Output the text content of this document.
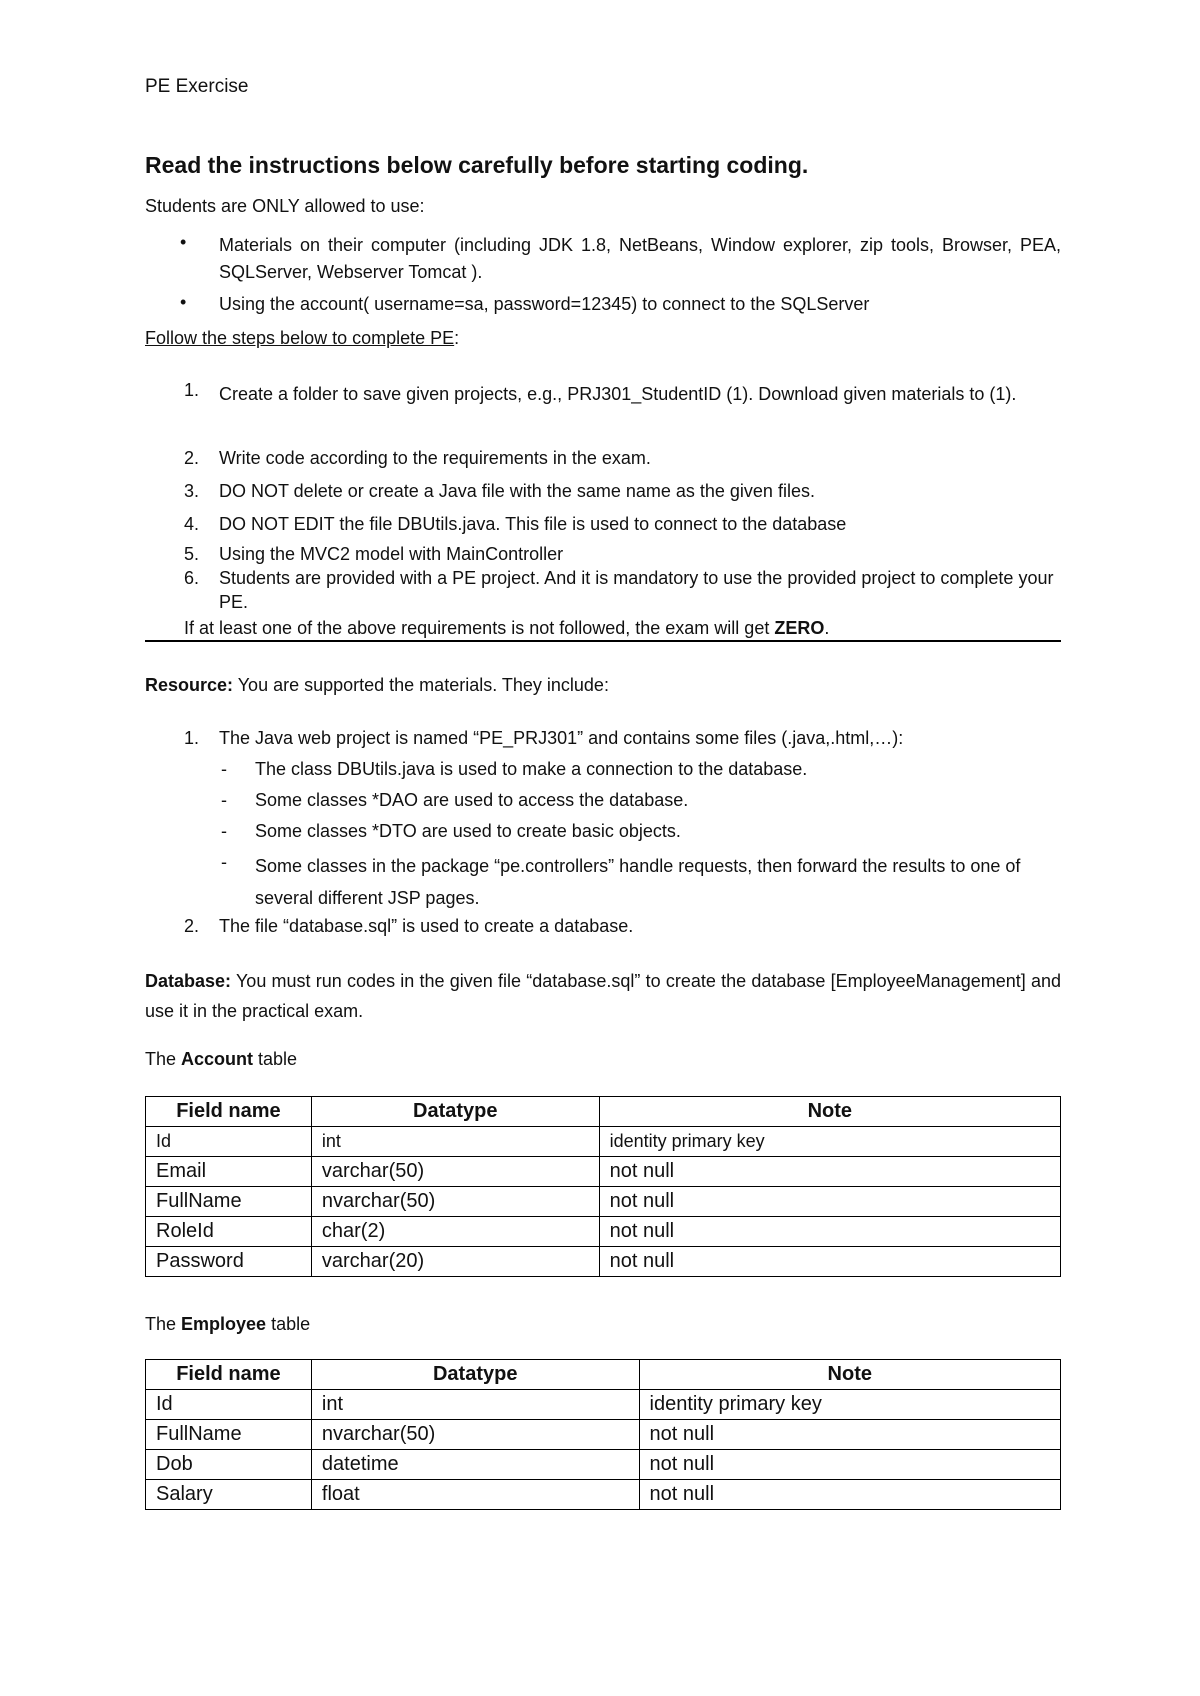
PE Exercise
Read the instructions below carefully before starting coding.
Students are ONLY allowed to use:
• Materials on their computer (including JDK 1.8, NetBeans, Window explorer, zip tools, Browser, PEA, SQLServer, Webserver Tomcat ).
• Using the account( username=sa, password=12345) to connect to the SQLServer
Follow the steps below to complete PE:
1. Create a folder to save given projects, e.g., PRJ301_StudentID (1). Download given materials to (1).
2. Write code according to the requirements in the exam.
3. DO NOT delete or create a Java file with the same name as the given files.
4. DO NOT EDIT the file DBUtils.java. This file is used to connect to the database
5. Using the MVC2 model with MainController
6. Students are provided with a PE project. And it is mandatory to use the provided project to complete your PE.
If at least one of the above requirements is not followed, the exam will get ZERO.
Resource: You are supported the materials. They include:
1. The Java web project is named “PE_PRJ301” and contains some files (.java,.html,…):
- The class DBUtils.java is used to make a connection to the database.
- Some classes *DAO are used to access the database.
- Some classes *DTO are used to create basic objects.
- Some classes in the package “pe.controllers” handle requests, then forward the results to one of several different JSP pages.
2. The file “database.sql” is used to create a database.
Database: You must run codes in the given file “database.sql” to create the database [EmployeeManagement] and use it in the practical exam.
The Account table
Field name	Datatype	Note
Id	int	identity primary key
Email	varchar(50)	not null
FullName	nvarchar(50)	not null
RoleId	char(2)	not null
Password	varchar(20)	not null
The Employee table
Field name	Datatype	Note
Id	int	identity primary key
FullName	nvarchar(50)	not null
Dob	datetime	not null
Salary	float	not null
